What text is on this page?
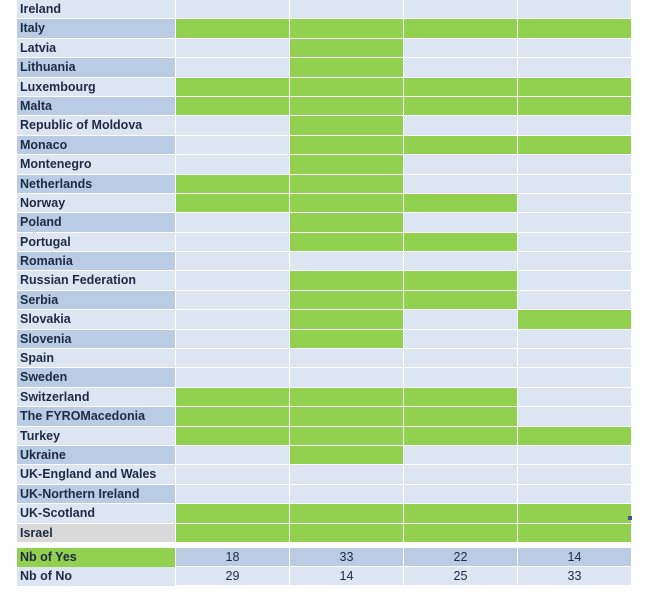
Ireland
Italy
Latvia
Lithuania
Luxembourg
Malta
Republic of Moldova
Monaco
Montenegro
Netherlands
Norway
Poland
Portugal
Romania
Russian Federation
Serbia
Slovakia
Slovenia
Spain
Sweden
Switzerland
The FYROMacedonia
Turkey
Ukraine
UK-England and Wales
UK-Northern Ireland
UK-Scotland
Israel
Nb of Yes	18	33	22	14
Nb of No	29	14	25	33
